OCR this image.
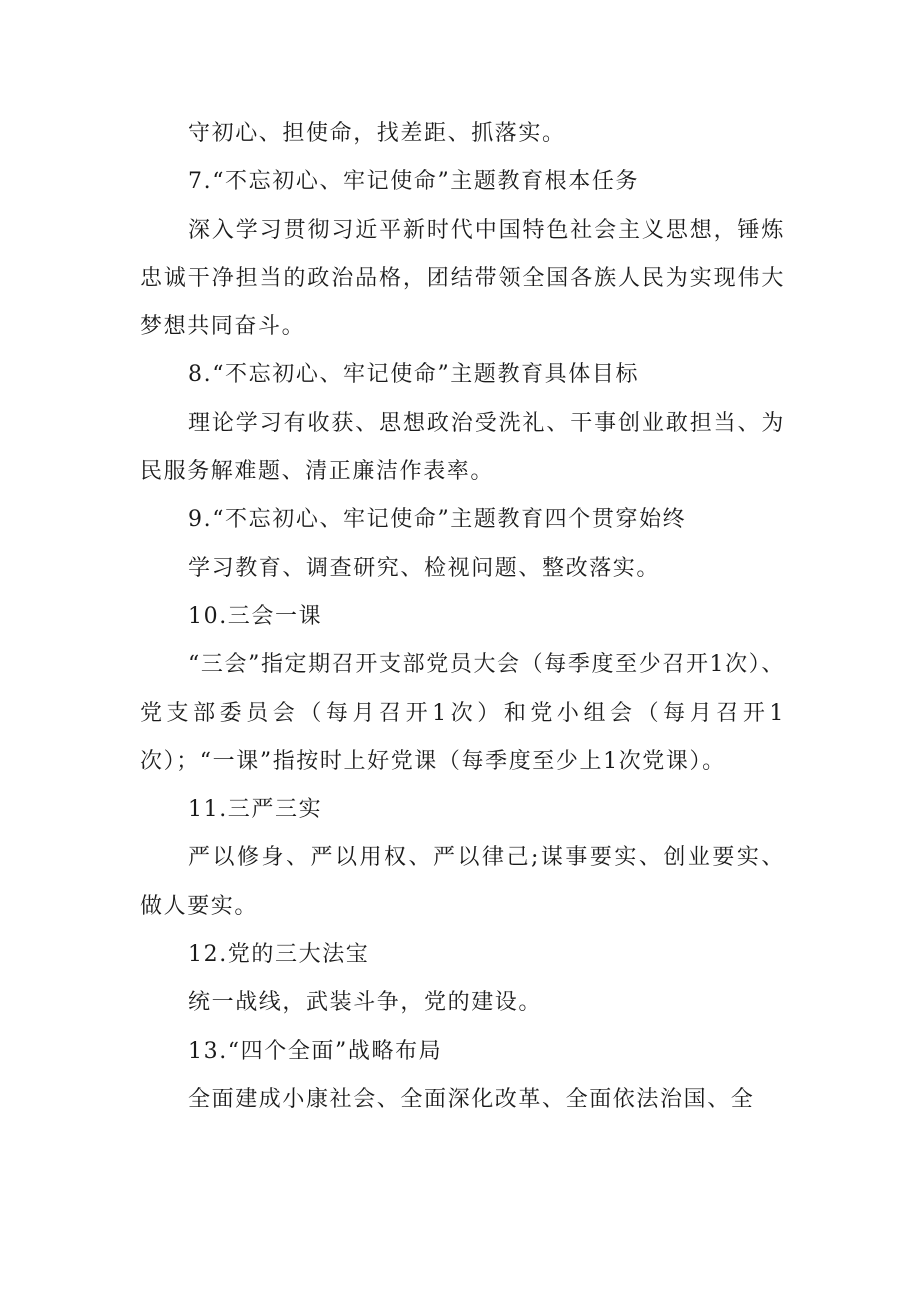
守初心、担使命，找差距、抓落实。

7.“不忘初心、牢记使命”主题教育根本任务

深入学习贯彻习近平新时代中国特色社会主义思想，锤炼忠诚干净担当的政治品格，团结带领全国各族人民为实现伟大梦想共同奋斗。

8.“不忘初心、牢记使命”主题教育具体目标

理论学习有收获、思想政治受洗礼、干事创业敢担当、为民服务解难题、清正廉洁作表率。

9.“不忘初心、牢记使命”主题教育四个贯穿始终

学习教育、调查研究、检视问题、整改落实。

10.三会一课

“三会”指定期召开支部党员大会（每季度至少召开1次）、党支部委员会（每月召开1次）和党小组会（每月召开1次）；“一课”指按时上好党课（每季度至少上1次党课）。

11.三严三实

严以修身、严以用权、严以律己;谋事要实、创业要实、做人要实。

12.党的三大法宝

统一战线，武装斗争，党的建设。

13.“四个全面”战略布局

全面建成小康社会、全面深化改革、全面依法治国、全
